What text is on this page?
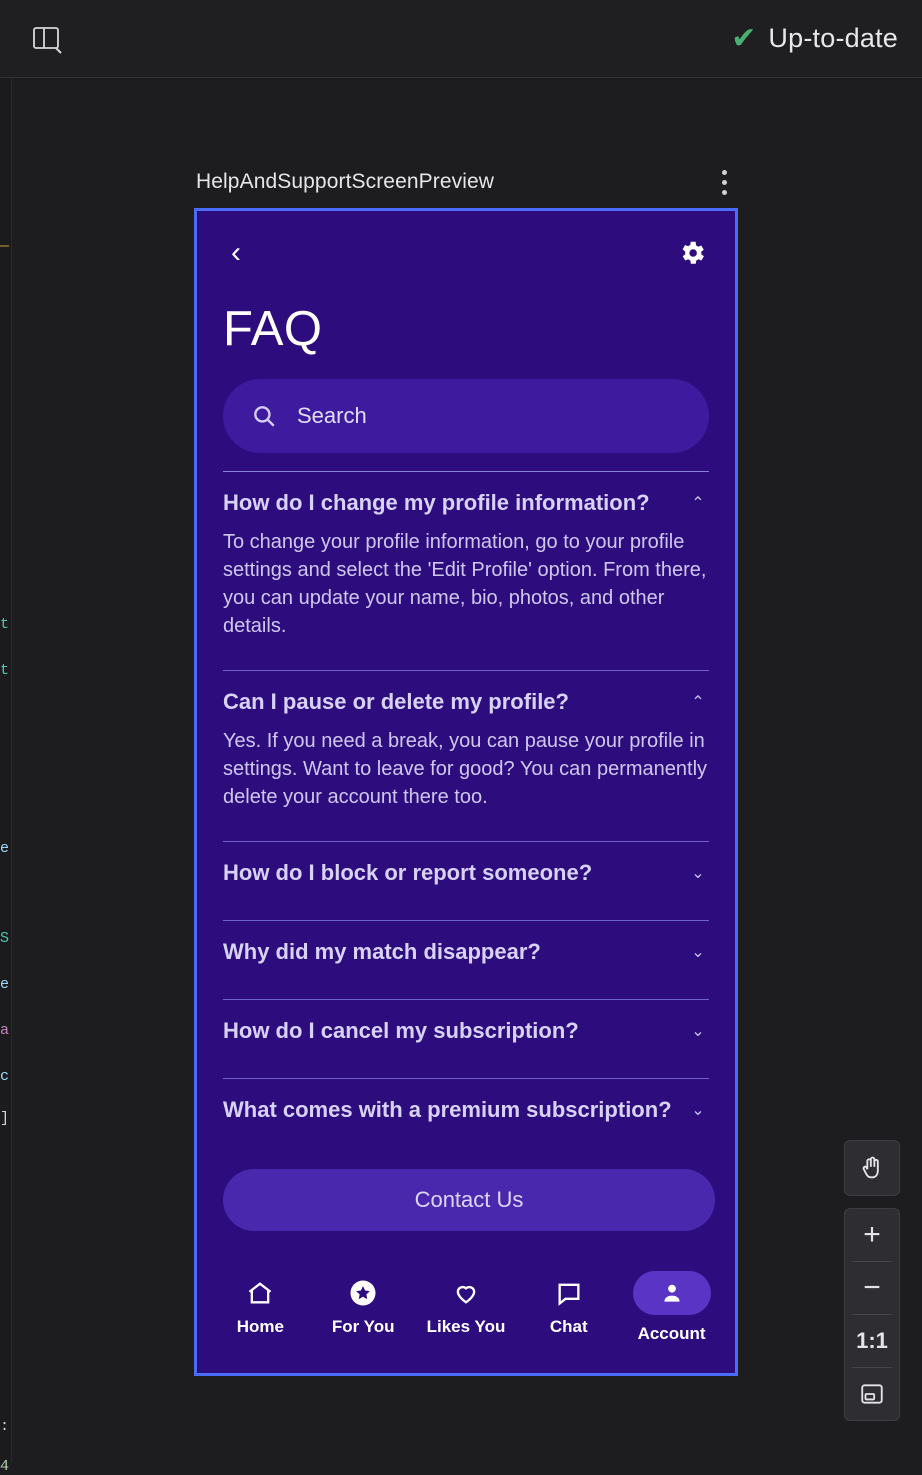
✔ Up-to-date
—
t
t
e
S
e
a
c
]
:
4
HelpAndSupportScreenPreview
‹
FAQ
Search
How do I change my profile information?	⌃
To change your profile information, go to your profile settings and select the 'Edit Profile' option. From there, you can update your name, bio, photos, and other details.
Can I pause or delete my profile?	⌃
Yes. If you need a break, you can pause your profile in settings. Want to leave for good? You can permanently delete your account there too.
How do I block or report someone?	⌄
Why did my match disappear?	⌄
How do I cancel my subscription?	⌄
What comes with a premium subscription? ⌄
Contact Us
Home	For You Likes You	Chat	Account
+
−
1:1
